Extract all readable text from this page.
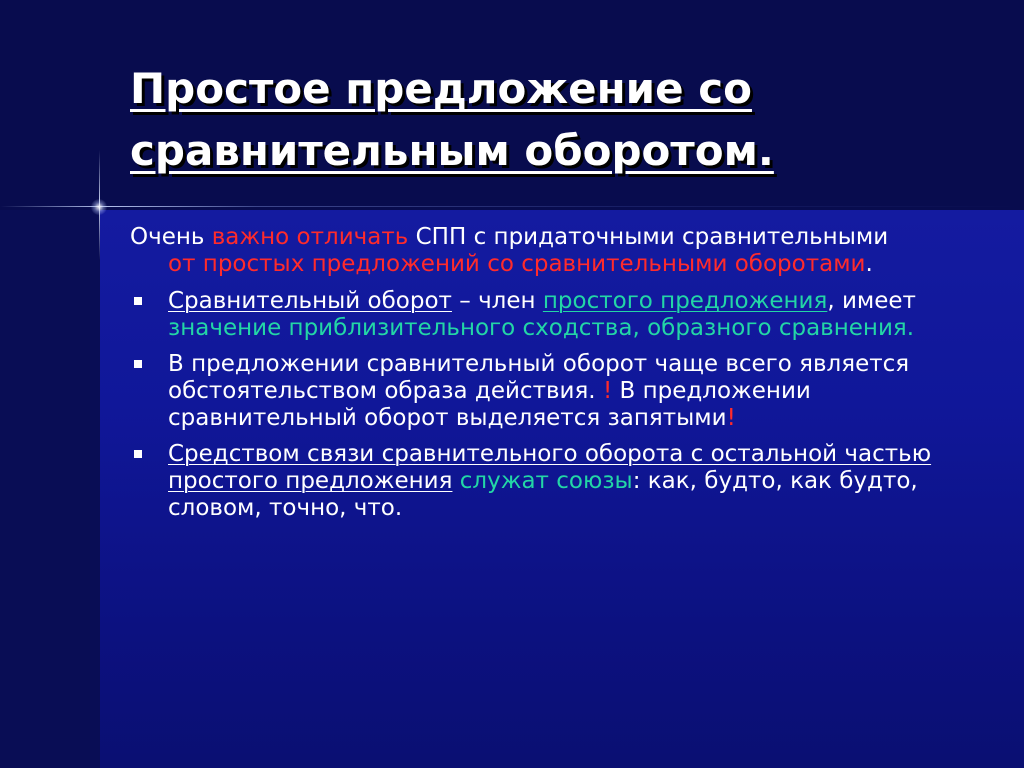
Простое предложение со
сравнительным оборотом.
Очень важно отличать СПП с придаточными сравнительными
от простых предложений со сравнительными оборотами.
Сравнительный оборот – член простого предложения, имеет значение приблизительного сходства, образного сравнения.
В предложении сравнительный оборот чаще всего является обстоятельством образа действия. ! В предложении сравнительный оборот выделяется запятыми!
Средством связи сравнительного оборота с остальной частью простого предложения служат союзы: как, будто, как будто, словом, точно, что.
